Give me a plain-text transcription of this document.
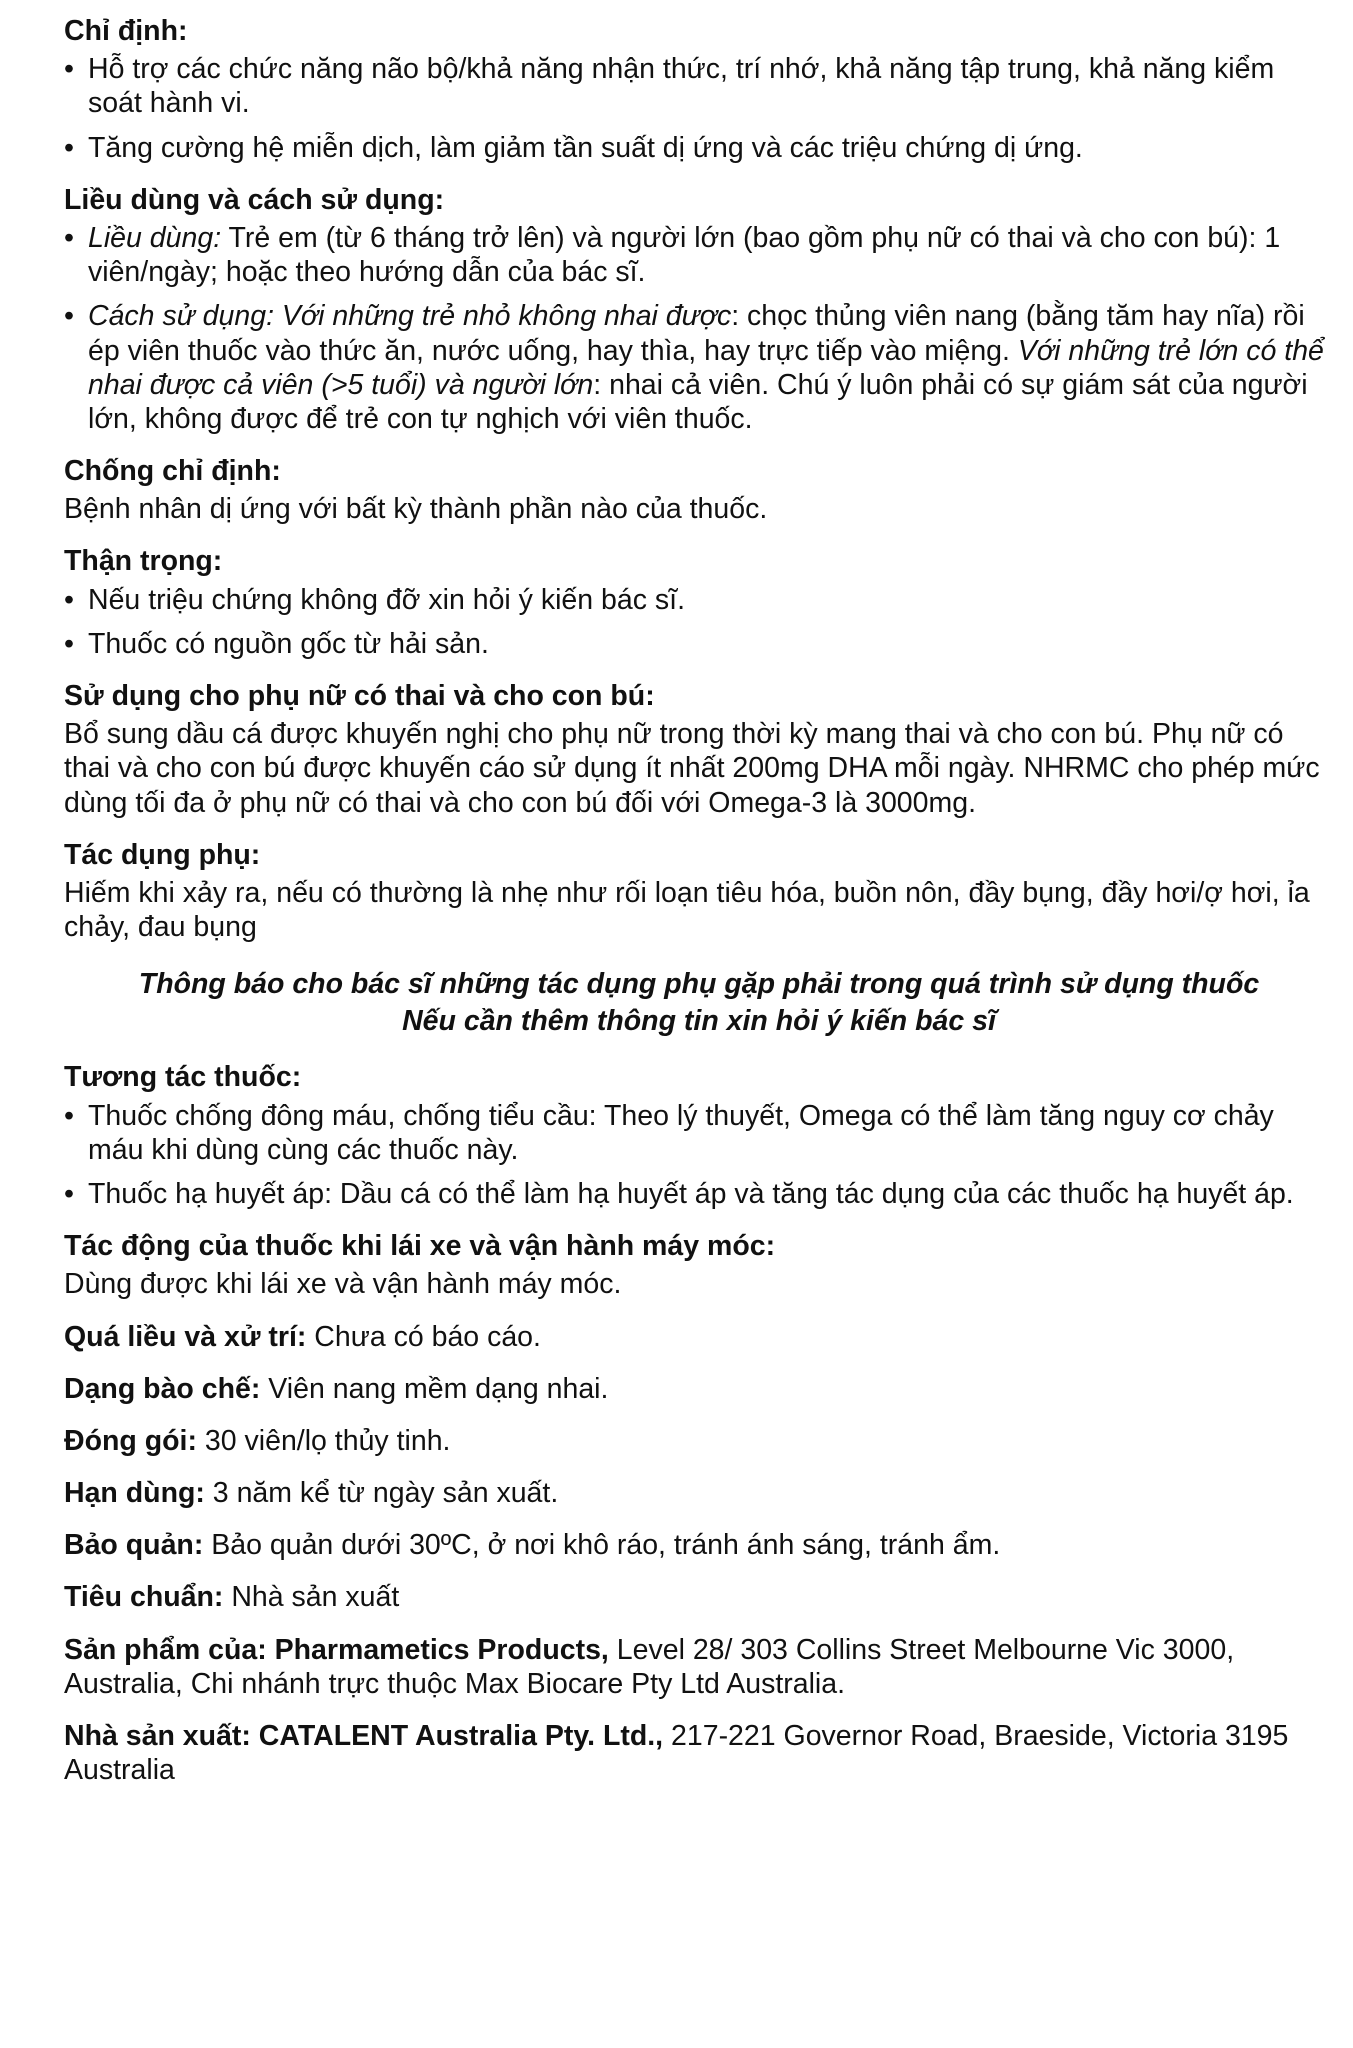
Chỉ định:

• Hỗ trợ các chức năng não bộ/khả năng nhận thức, trí nhớ, khả năng tập trung, khả năng kiểm soát hành vi.

• Tăng cường hệ miễn dịch, làm giảm tần suất dị ứng và các triệu chứng dị ứng.

Liều dùng và cách sử dụng:

• Liều dùng: Trẻ em (từ 6 tháng trở lên) và người lớn (bao gồm phụ nữ có thai và cho con bú): 1 viên/ngày; hoặc theo hướng dẫn của bác sĩ.

• Cách sử dụng: Với những trẻ nhỏ không nhai được: chọc thủng viên nang (bằng tăm hay nĩa) rồi ép viên thuốc vào thức ăn, nước uống, hay thìa, hay trực tiếp vào miệng. Với những trẻ lớn có thể nhai được cả viên (>5 tuổi) và người lớn: nhai cả viên. Chú ý luôn phải có sự giám sát của người lớn, không được để trẻ con tự nghịch với viên thuốc.

Chống chỉ định:

Bệnh nhân dị ứng với bất kỳ thành phần nào của thuốc.

Thận trọng:

• Nếu triệu chứng không đỡ xin hỏi ý kiến bác sĩ.

• Thuốc có nguồn gốc từ hải sản.

Sử dụng cho phụ nữ có thai và cho con bú:

Bổ sung dầu cá được khuyến nghị cho phụ nữ trong thời kỳ mang thai và cho con bú. Phụ nữ có thai và cho con bú được khuyến cáo sử dụng ít nhất 200mg DHA mỗi ngày. NHRMC cho phép mức dùng tối đa ở phụ nữ có thai và cho con bú đối với Omega-3 là 3000mg.

Tác dụng phụ:

Hiếm khi xảy ra, nếu có thường là nhẹ như rối loạn tiêu hóa, buồn nôn, đầy bụng, đầy hơi/ợ hơi, ỉa chảy, đau bụng

Thông báo cho bác sĩ những tác dụng phụ gặp phải trong quá trình sử dụng thuốc
Nếu cần thêm thông tin xin hỏi ý kiến bác sĩ

Tương tác thuốc:

• Thuốc chống đông máu, chống tiểu cầu: Theo lý thuyết, Omega có thể làm tăng nguy cơ chảy máu khi dùng cùng các thuốc này.

• Thuốc hạ huyết áp: Dầu cá có thể làm hạ huyết áp và tăng tác dụng của các thuốc hạ huyết áp.

Tác động của thuốc khi lái xe và vận hành máy móc:

Dùng được khi lái xe và vận hành máy móc.

Quá liều và xử trí: Chưa có báo cáo.

Dạng bào chế: Viên nang mềm dạng nhai.

Đóng gói: 30 viên/lọ thủy tinh.

Hạn dùng: 3 năm kể từ ngày sản xuất.

Bảo quản: Bảo quản dưới 30ºC, ở nơi khô ráo, tránh ánh sáng, tránh ẩm.

Tiêu chuẩn: Nhà sản xuất

Sản phẩm của: Pharmametics Products, Level 28/ 303 Collins Street Melbourne Vic 3000, Australia, Chi nhánh trực thuộc Max Biocare Pty Ltd Australia.

Nhà sản xuất: CATALENT Australia Pty. Ltd., 217-221 Governor Road, Braeside, Victoria 3195 Australia
